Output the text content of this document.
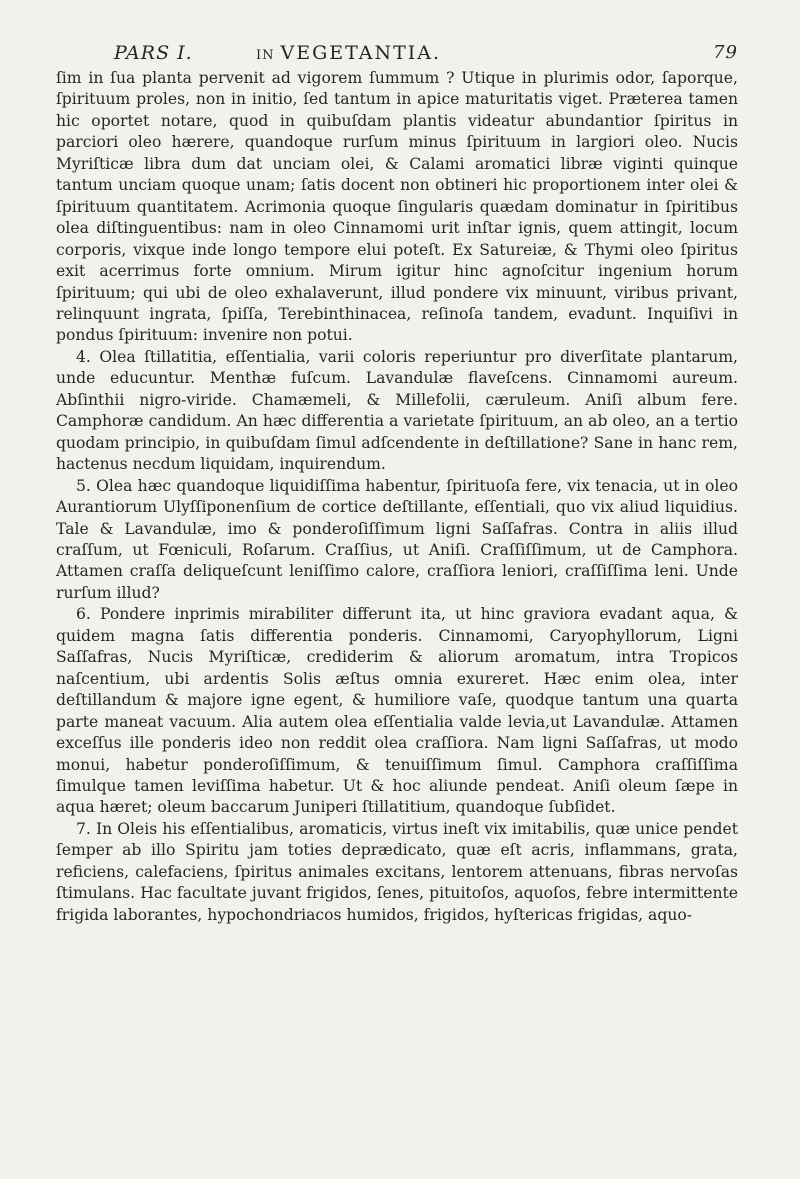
PARS I.	IN VEGETANTIA.	79

ſim in ſua planta pervenit ad vigorem ſummum ? Utique in plurimis odor, ſaporque, ſpirituum proles, non in initio, ſed tantum in apice maturitatis viget. Præterea tamen hic oportet notare, quod in quibuſdam plantis videatur abundantior ſpiritus in parciori oleo hærere, quandoque rurſum minus ſpirituum in largiori oleo. Nucis Myriſticæ libra dum dat unciam olei, & Calami aromatici libræ viginti quinque tantum unciam quoque unam; ſatis docent non obtineri hic proportionem inter olei & ſpirituum quantitatem. Acrimonia quoque ſingularis quædam dominatur in ſpiritibus olea diſtinguentibus: nam in oleo Cinnamomi urit inſtar ignis, quem attingit, locum corporis, vixque inde longo tempore elui poteſt. Ex Satureiæ, & Thymi oleo ſpiritus exit acerrimus forte omnium. Mirum igitur hinc agnoſcitur ingenium horum ſpirituum; qui ubi de oleo exhalaverunt, illud pondere vix minuunt, viribus privant, relinquunt ingrata, ſpiſſa, Terebinthinacea, reſinoſa tandem, evadunt. Inquiſivi in pondus ſpirituum: invenire non potui.

4. Olea ſtillatitia, eſſentialia, varii coloris reperiuntur pro diverſitate plantarum, unde educuntur. Menthæ fuſcum. Lavandulæ flaveſcens. Cinnamomi aureum. Abſinthii nigro-viride. Chamæmeli, & Millefolii, cæruleum. Aniſi album fere. Camphoræ candidum. An hæc differentia a varietate ſpirituum, an ab oleo, an a tertio quodam principio, in quibuſdam ſimul adſcendente in deſtillatione? Sane in hanc rem, hactenus necdum liquidam, inquirendum.

5. Olea hæc quandoque liquidiſſima habentur, ſpirituoſa fere, vix tenacia, ut in oleo Aurantiorum Ulyſſiponenſium de cortice deſtillante, eſſentiali, quo vix aliud liquidius. Tale & Lavandulæ, imo & ponderoſiſſimum ligni Saſſafras. Contra in aliis illud craſſum, ut Fœniculi, Roſarum. Craſſius, ut Aniſi. Craſſiſſimum, ut de Camphora. Attamen craſſa deliqueſcunt leniſſimo calore, craſſiora leniori, craſſiſſima leni. Unde rurſum illud?

6. Pondere inprimis mirabiliter differunt ita, ut hinc graviora evadant aqua, & quidem magna ſatis differentia ponderis. Cinnamomi, Caryophyllorum, Ligni Saſſafras, Nucis Myriſticæ, crediderim & aliorum aromatum, intra Tropicos naſcentium, ubi ardentis Solis æſtus omnia exureret. Hæc enim olea, inter deſtillandum & majore igne egent, & humiliore vaſe, quodque tantum una quarta parte maneat vacuum. Alia autem olea eſſentialia valde levia,ut Lavandulæ. Attamen exceſſus ille ponderis ideo non reddit olea craſſiora. Nam ligni Saſſafras, ut modo monui, habetur ponderoſiſſimum, & tenuiſſimum ſimul. Camphora craſſiſſima ſimulque tamen leviſſima habetur. Ut & hoc aliunde pendeat. Aniſi oleum ſæpe in aqua hæret; oleum baccarum Juniperi ſtillatitium, quandoque ſubſidet.

7. In Oleis his eſſentialibus, aromaticis, virtus ineſt vix imitabilis, quæ unice pendet ſemper ab illo Spiritu jam toties deprædicato, quæ eſt acris, inflammans, grata, reficiens, calefaciens, ſpiritus animales excitans, lentorem attenuans, fibras nervoſas ſtimulans. Hac facultate juvant frigidos, ſenes, pituitoſos, aquoſos, febre intermittente frigida laborantes, hypochondriacos humidos, frigidos, hyſtericas frigidas, aquo-
